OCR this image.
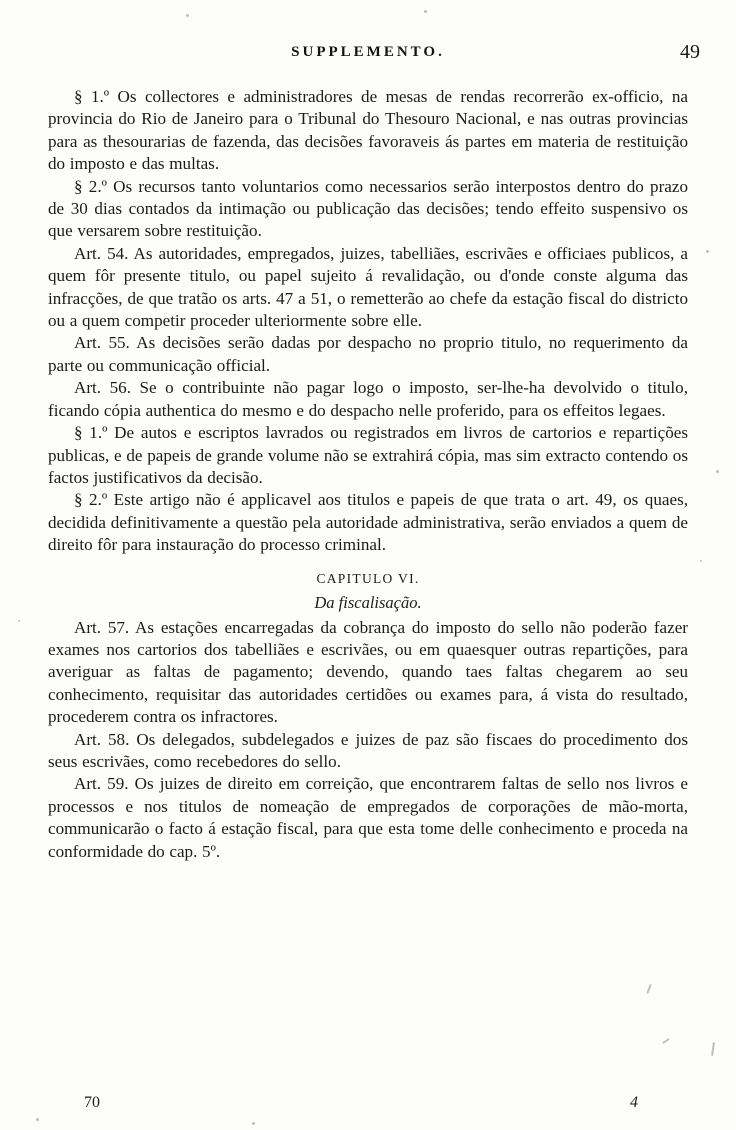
SUPPLEMENTO.	49

§ 1.º Os collectores e administradores de mesas de rendas recorrerão ex-officio, na provincia do Rio de Janeiro para o Tribunal do Thesouro Nacional, e nas outras provincias para as thesourarias de fazenda, das decisões favoraveis ás partes em materia de restituição do imposto e das multas.

§ 2.º Os recursos tanto voluntarios como necessarios serão interpostos dentro do prazo de 30 dias contados da intimação ou publicação das decisões; tendo effeito suspensivo os que versarem sobre restituição.

Art. 54. As autoridades, empregados, juizes, tabelliães, escrivães e officiaes publicos, a quem fôr presente titulo, ou papel sujeito á revalidação, ou d'onde conste alguma das infracções, de que tratão os arts. 47 a 51, o remetterão ao chefe da estação fiscal do districto ou a quem competir proceder ulteriormente sobre elle.

Art. 55. As decisões serão dadas por despacho no proprio titulo, no requerimento da parte ou communicação official.

Art. 56. Se o contribuinte não pagar logo o imposto, ser-lhe-ha devolvido o titulo, ficando cópia authentica do mesmo e do despacho nelle proferido, para os effeitos legaes.

§ 1.º De autos e escriptos lavrados ou registrados em livros de cartorios e repartições publicas, e de papeis de grande volume não se extrahirá cópia, mas sim extracto contendo os factos justificativos da decisão.

§ 2.º Este artigo não é applicavel aos titulos e papeis de que trata o art. 49, os quaes, decidida definitivamente a questão pela autoridade administrativa, serão enviados a quem de direito fôr para instauração do processo criminal.

CAPITULO VI.
Da fiscalisação.

Art. 57. As estações encarregadas da cobrança do imposto do sello não poderão fazer exames nos cartorios dos tabelliães e escrivães, ou em quaesquer outras repartições, para averiguar as faltas de pagamento; devendo, quando taes faltas chegarem ao seu conhecimento, requisitar das autoridades certidões ou exames para, á vista do resultado, procederem contra os infractores.

Art. 58. Os delegados, subdelegados e juizes de paz são fiscaes do procedimento dos seus escrivães, como recebedores do sello.

Art. 59. Os juizes de direito em correição, que encontrarem faltas de sello nos livros e processos e nos titulos de nomeação de empregados de corporações de mão-morta, communicarão o facto á estação fiscal, para que esta tome delle conhecimento e proceda na conformidade do cap. 5º.

70	4
